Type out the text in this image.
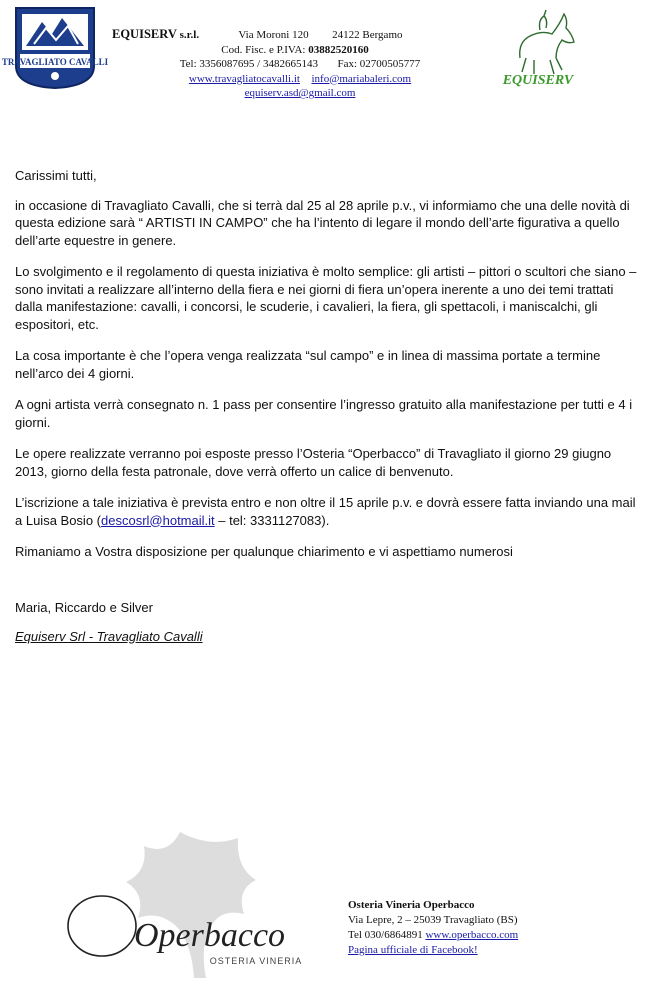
TRAVAGLIATO CAVALLI
EQUISERV s.r.l.	Via Moroni 120 24122 Bergamo
Cod. Fisc. e P.IVA: 03882520160
Tel: 3356087695 / 3482665143 Fax: 02700505777
www.travagliatocavalli.it info@mariabaleri.com
equiserv.asd@gmail.com
EQUISERV

Carissimi tutti,

in occasione di Travagliato Cavalli, che si terrà dal 25 al 28 aprile p.v., vi informiamo che una delle novità di questa edizione sarà “ ARTISTI IN CAMPO” che ha l’intento di legare il mondo dell’arte figurativa a quello dell’arte equestre in genere.

Lo svolgimento e il regolamento di questa iniziativa è molto semplice: gli artisti – pittori o scultori che siano – sono invitati a realizzare all’interno della fiera e nei giorni di fiera un’opera inerente a uno dei temi trattati dalla manifestazione: cavalli, i concorsi, le scuderie, i cavalieri, la fiera, gli spettacoli, i maniscalchi, gli espositori, etc.

La cosa importante è che l’opera venga realizzata “sul campo” e in linea di massima portate a termine nell’arco dei 4 giorni.

A ogni artista verrà consegnato n. 1 pass per consentire l’ingresso gratuito alla manifestazione per tutti e 4 i giorni.

Le opere realizzate verranno poi esposte presso l’Osteria “Operbacco” di Travagliato il giorno 29 giugno 2013, giorno della festa patronale, dove verrà offerto un calice di benvenuto.

L’iscrizione a tale iniziativa è prevista entro e non oltre il 15 aprile p.v. e dovrà essere fatta inviando una mail a Luisa Bosio (descosrl@hotmail.it – tel: 3331127083).

Rimaniamo a Vostra disposizione per qualunque chiarimento e vi aspettiamo numerosi

Maria, Riccardo e Silver

Equiserv Srl - Travagliato Cavalli

Operbacco
OSTERIA VINERIA
Osteria Vineria Operbacco
Via Lepre, 2 – 25039 Travagliato (BS)
Tel 030/6864891 www.operbacco.com
Pagina ufficiale di Facebook!
